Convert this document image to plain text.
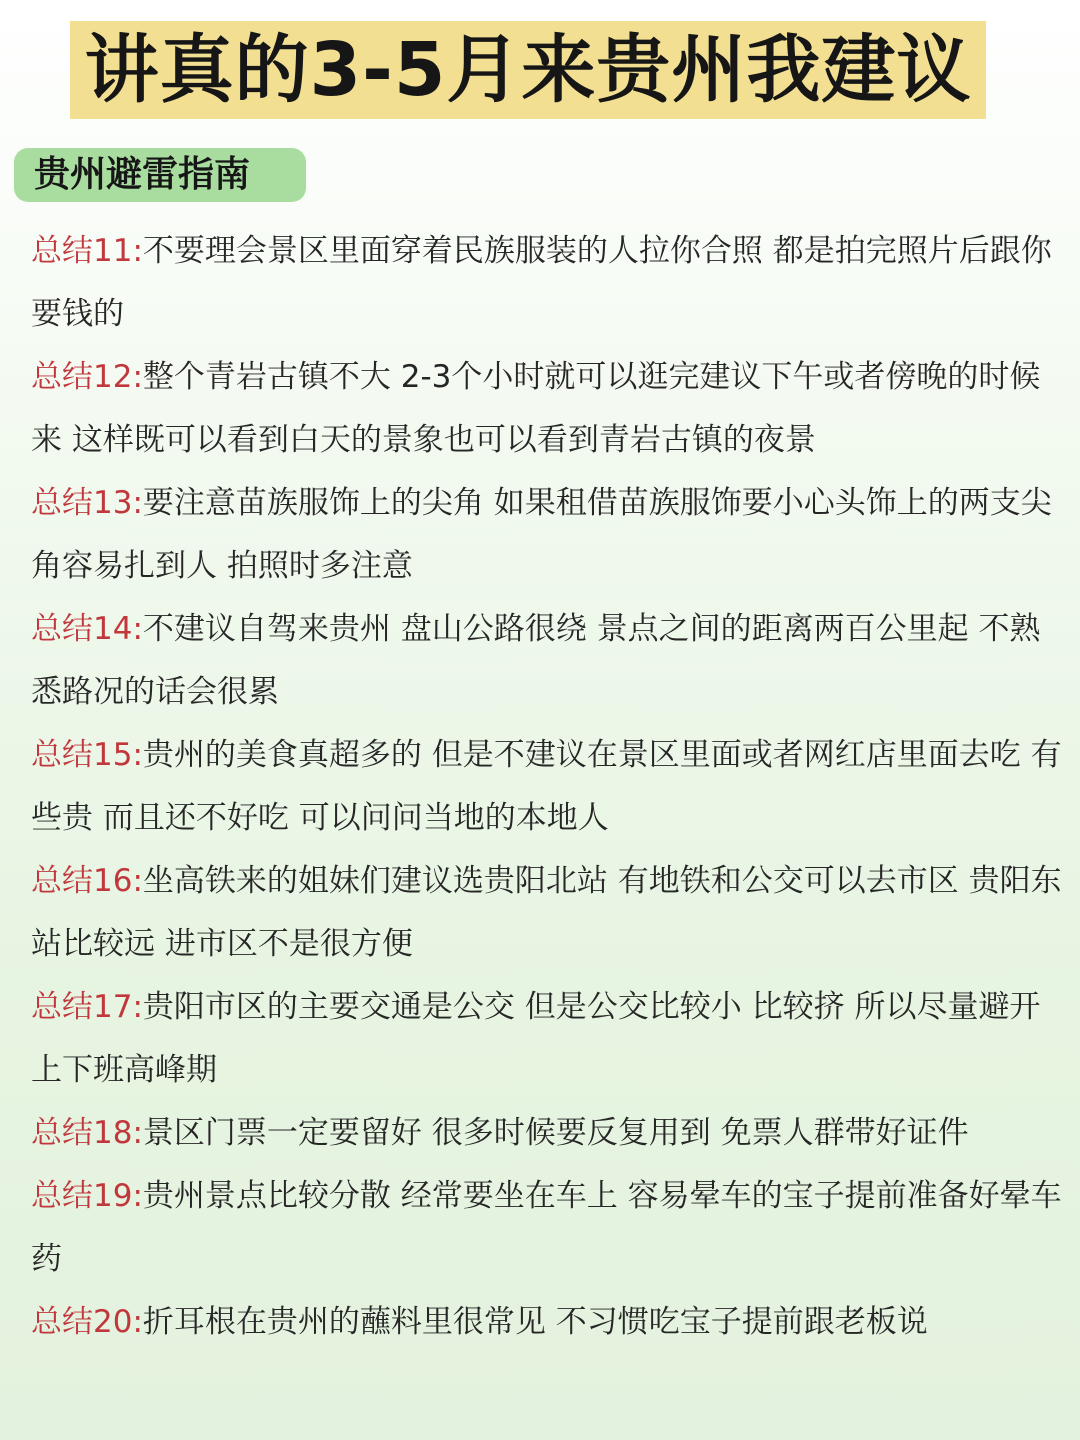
讲真的3-5月来贵州我建议
贵州避雷指南
总结11:不要理会景区里面穿着民族服装的人拉你合照 都是拍完照片后跟你要钱的
总结12:整个青岩古镇不大 2-3个小时就可以逛完建议下午或者傍晚的时候来 这样既可以看到白天的景象也可以看到青岩古镇的夜景
总结13:要注意苗族服饰上的尖角 如果租借苗族服饰要小心头饰上的两支尖角容易扎到人 拍照时多注意
总结14:不建议自驾来贵州 盘山公路很绕 景点之间的距离两百公里起 不熟悉路况的话会很累
总结15:贵州的美食真超多的 但是不建议在景区里面或者网红店里面去吃 有些贵 而且还不好吃 可以问问当地的本地人
总结16:坐高铁来的姐妹们建议选贵阳北站 有地铁和公交可以去市区 贵阳东站比较远 进市区不是很方便
总结17:贵阳市区的主要交通是公交 但是公交比较小 比较挤 所以尽量避开上下班高峰期
总结18:景区门票一定要留好 很多时候要反复用到 免票人群带好证件
总结19:贵州景点比较分散 经常要坐在车上 容易晕车的宝子提前准备好晕车药
总结20:折耳根在贵州的蘸料里很常见 不习惯吃宝子提前跟老板说
